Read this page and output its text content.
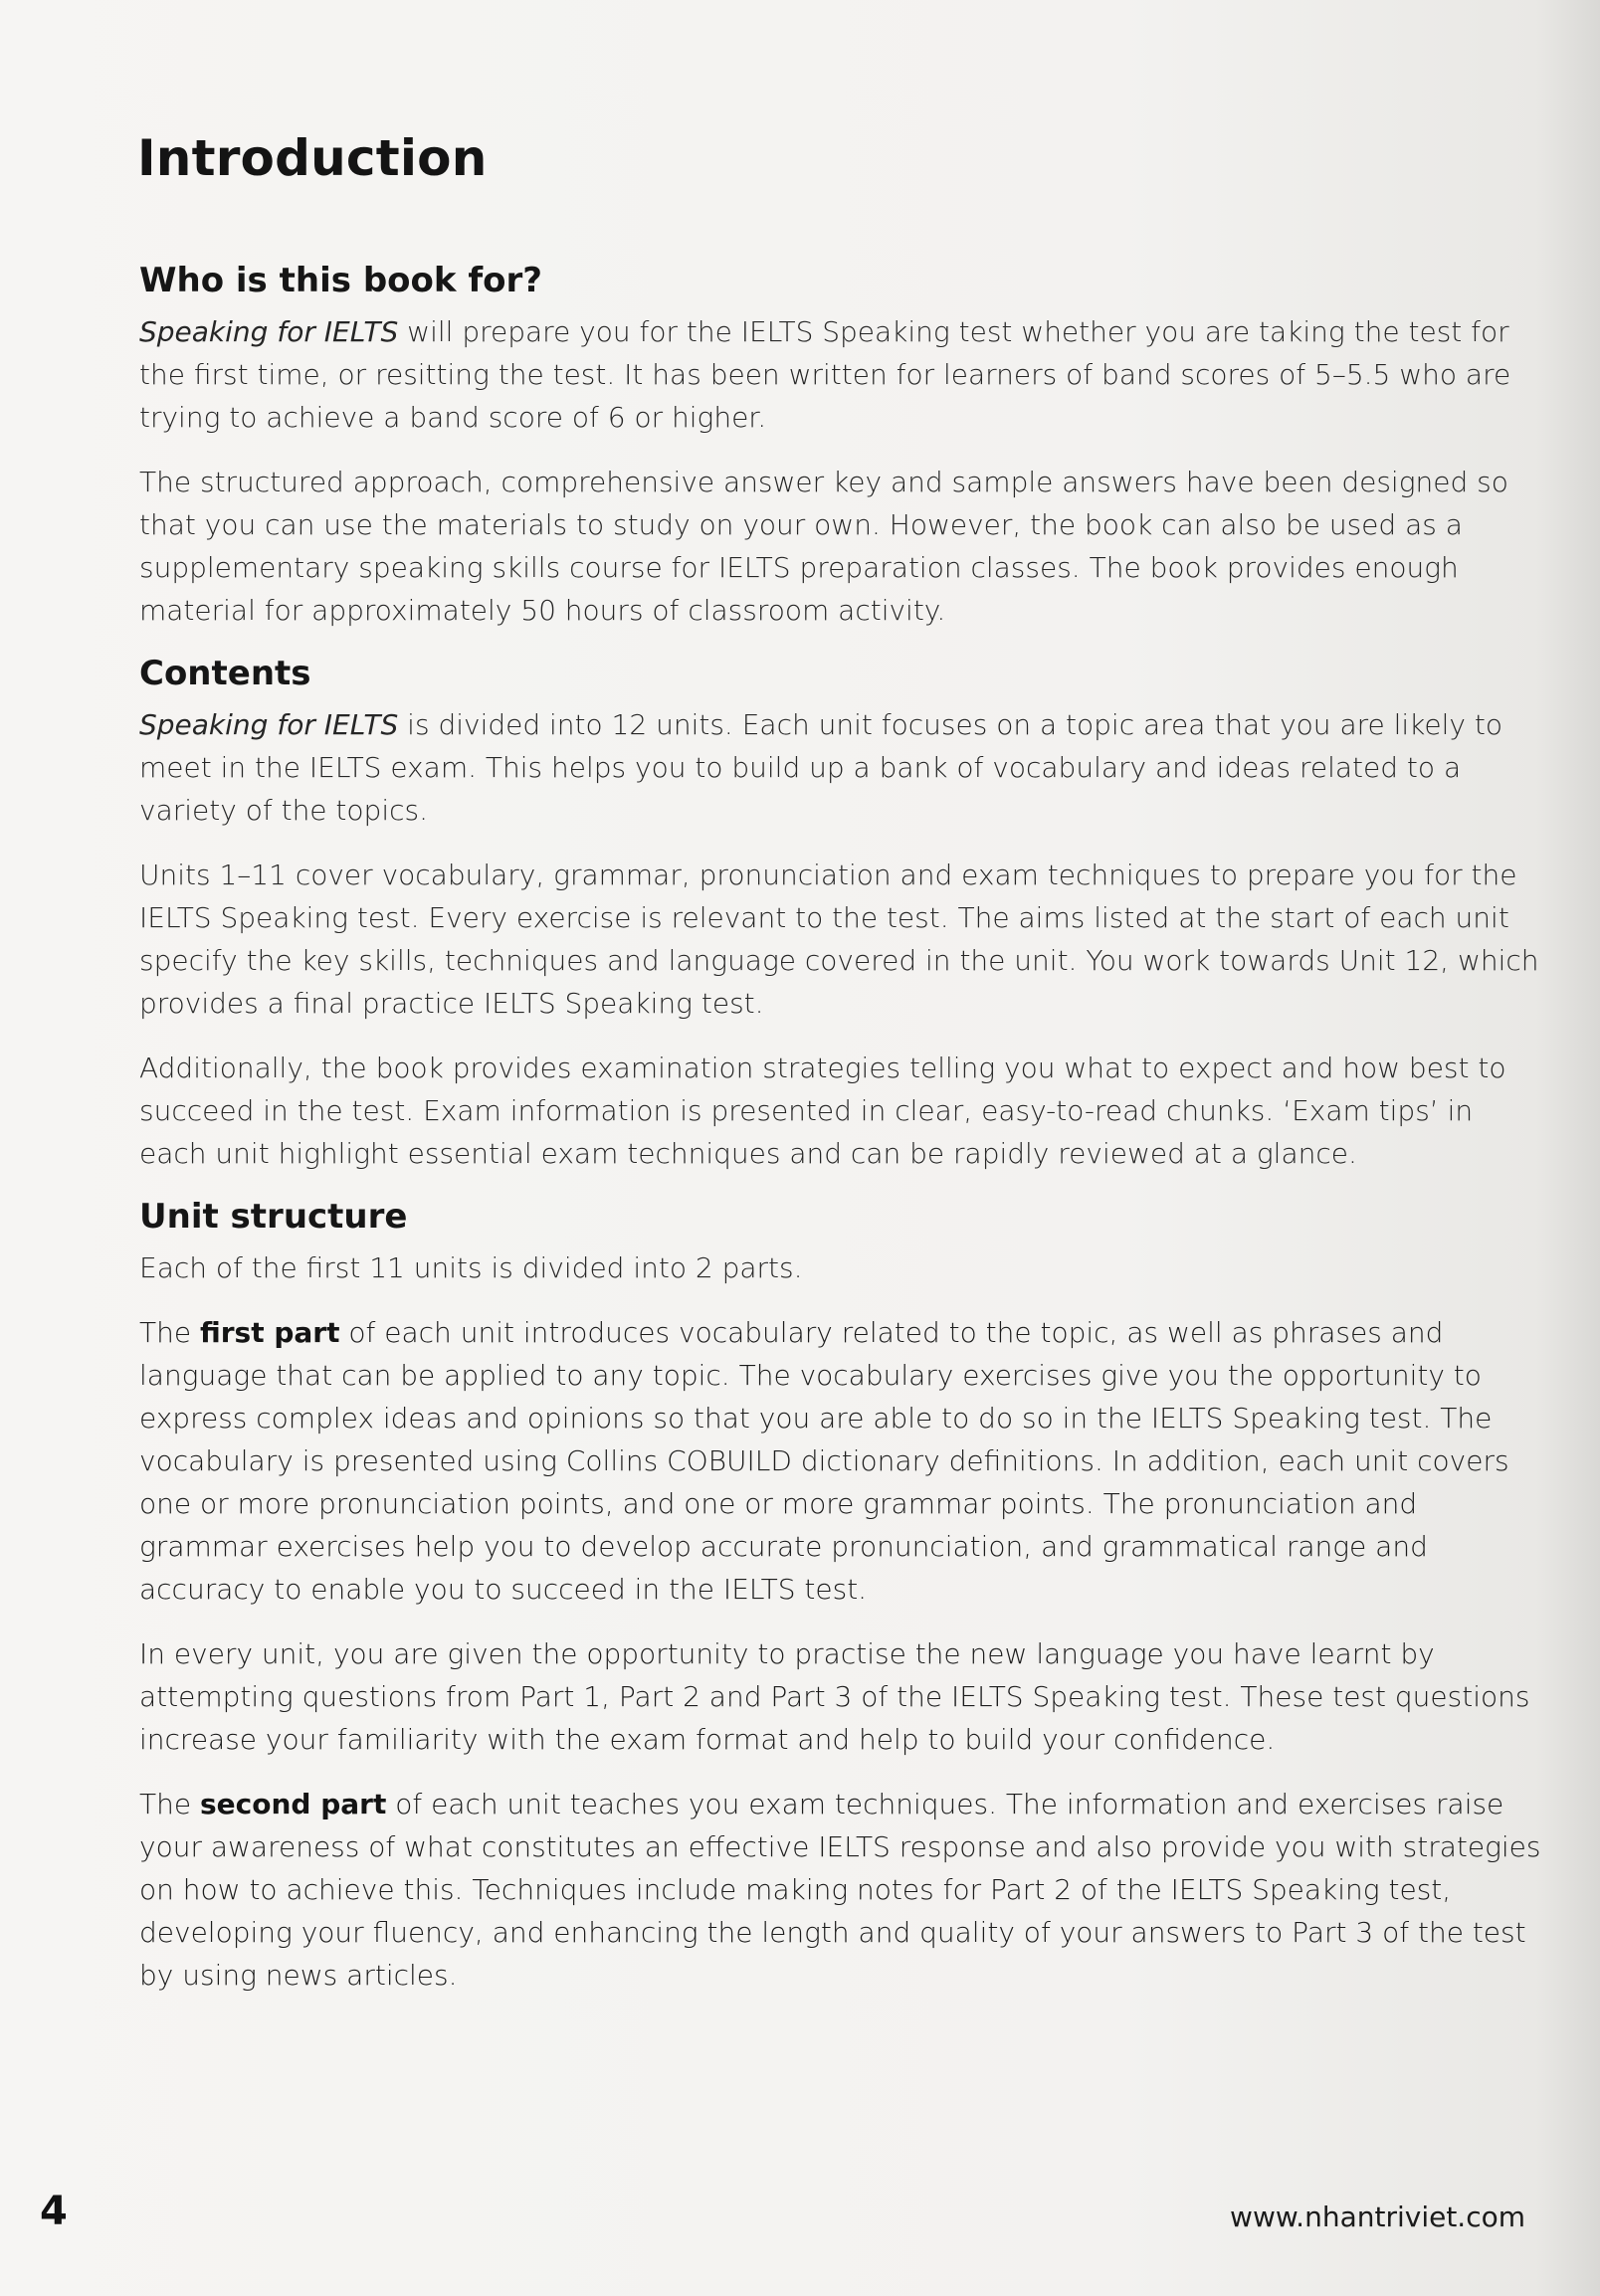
Introduction
Who is this book for?

Speaking for IELTS will prepare you for the IELTS Speaking test whether you are taking the test for the first time, or resitting the test. It has been written for learners of band scores of 5–5.5 who are trying to achieve a band score of 6 or higher.

The structured approach, comprehensive answer key and sample answers have been designed so that you can use the materials to study on your own. However, the book can also be used as a supplementary speaking skills course for IELTS preparation classes. The book provides enough material for approximately 50 hours of classroom activity.

Contents

Speaking for IELTS is divided into 12 units. Each unit focuses on a topic area that you are likely to meet in the IELTS exam. This helps you to build up a bank of vocabulary and ideas related to a variety of the topics.

Units 1–11 cover vocabulary, grammar, pronunciation and exam techniques to prepare you for the IELTS Speaking test. Every exercise is relevant to the test. The aims listed at the start of each unit specify the key skills, techniques and language covered in the unit. You work towards Unit 12, which provides a final practice IELTS Speaking test.

Additionally, the book provides examination strategies telling you what to expect and how best to succeed in the test. Exam information is presented in clear, easy-to-read chunks. ‘Exam tips’ in each unit highlight essential exam techniques and can be rapidly reviewed at a glance.

Unit structure

Each of the first 11 units is divided into 2 parts.

The first part of each unit introduces vocabulary related to the topic, as well as phrases and language that can be applied to any topic. The vocabulary exercises give you the opportunity to express complex ideas and opinions so that you are able to do so in the IELTS Speaking test. The vocabulary is presented using Collins COBUILD dictionary definitions. In addition, each unit covers one or more pronunciation points, and one or more grammar points. The pronunciation and grammar exercises help you to develop accurate pronunciation, and grammatical range and accuracy to enable you to succeed in the IELTS test.

In every unit, you are given the opportunity to practise the new language you have learnt by attempting questions from Part 1, Part 2 and Part 3 of the IELTS Speaking test. These test questions increase your familiarity with the exam format and help to build your confidence.

The second part of each unit teaches you exam techniques. The information and exercises raise your awareness of what constitutes an effective IELTS response and also provide you with strategies on how to achieve this. Techniques include making notes for Part 2 of the IELTS Speaking test, developing your fluency, and enhancing the length and quality of your answers to Part 3 of the test by using news articles.

4	www.nhantriviet.com
